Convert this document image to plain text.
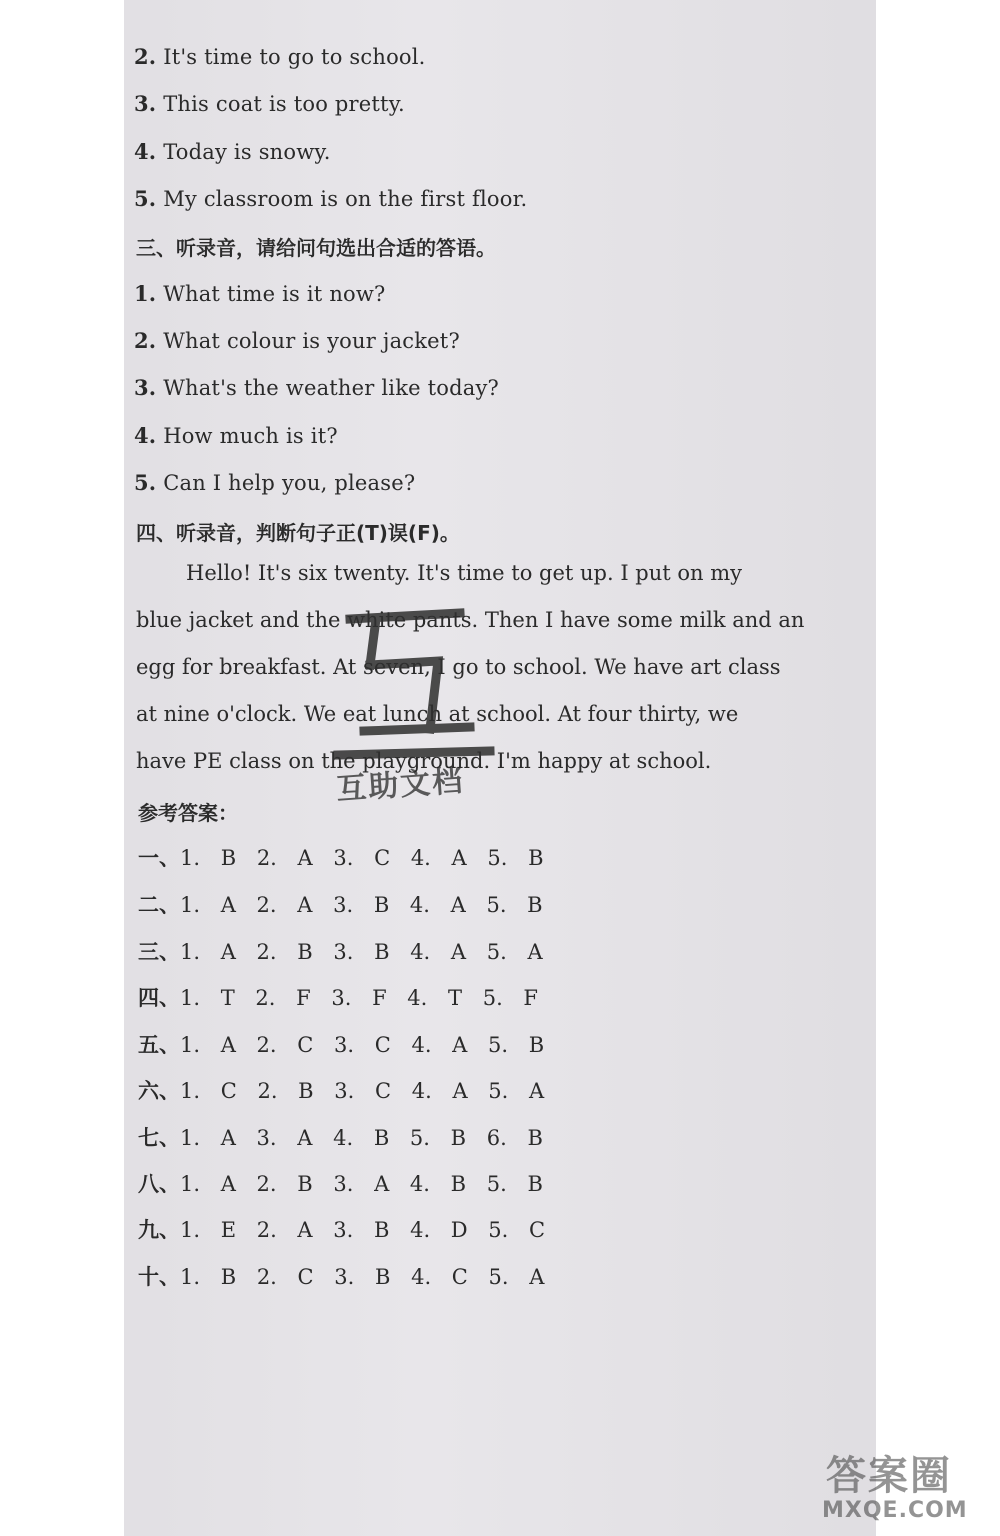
2. It's time to go to school.
3. This coat is too pretty.
4. Today is snowy.
5. My classroom is on the first floor.
三、听录音，请给问句选出合适的答语。
1. What time is it now?
2. What colour is your jacket?
3. What's the weather like today?
4. How much is it?
5. Can I help you, please?
四、听录音，判断句子正(T)误(F)。
Hello! It's six twenty. It's time to get up. I put on my
blue jacket and the white pants. Then I have some milk and an
egg for breakfast. At seven, I go to school. We have art class
at nine o'clock. We eat lunch at school. At four thirty, we
have PE class on the playground. I'm happy at school.
互助文档
参考答案：
一、1. B 2. A 3. C 4. A 5. B
二、1. A 2. A 3. B 4. A 5. B
三、1. A 2. B 3. B 4. A 5. A
四、1. T 2. F 3. F 4. T 5. F
五、1. A 2. C 3. C 4. A 5. B
六、1. C 2. B 3. C 4. A 5. A
七、1. A 3. A 4. B 5. B 6. B
八、1. A 2. B 3. A 4. B 5. B
九、1. E 2. A 3. B 4. D 5. C
十、1. B 2. C 3. B 4. C 5. A
答案圈
MXQE.COM
